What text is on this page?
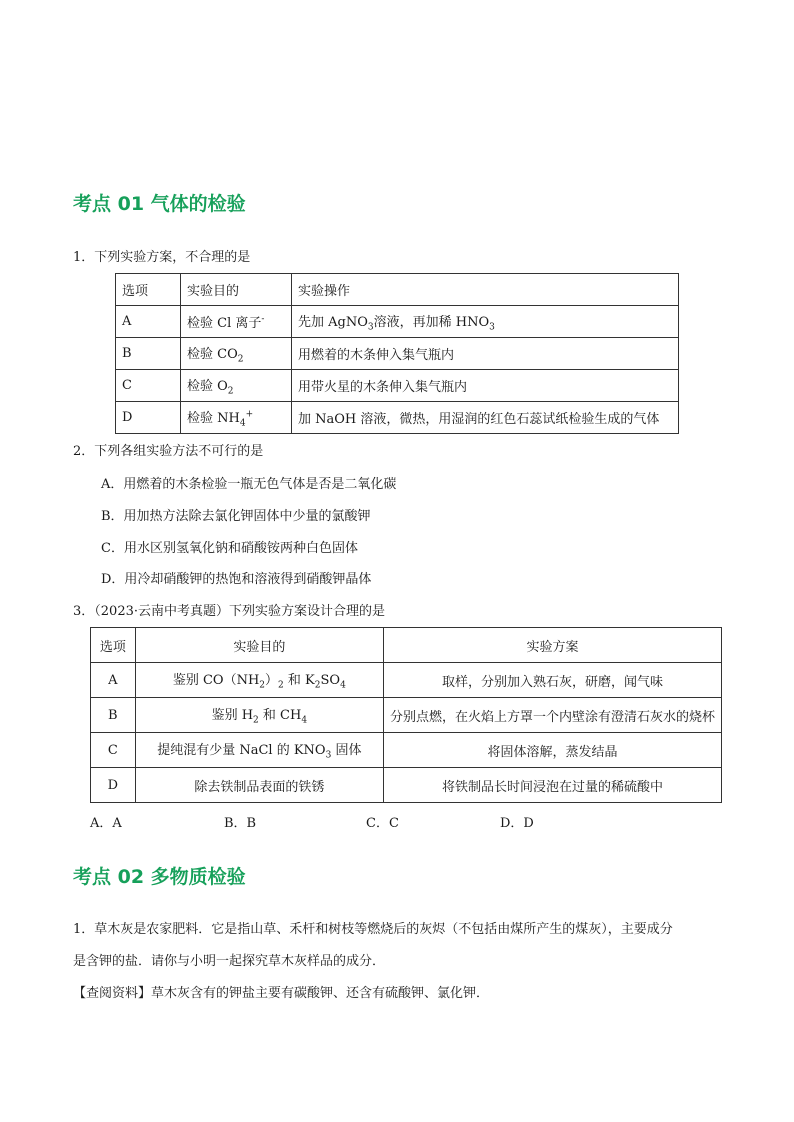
考点 01 气体的检验
1．下列实验方案，不合理的是
选项	实验目的	实验操作
A	检验 Cl 离子-	先加 AgNO$_3$溶液，再加稀 $HNO_3$
B	检验 $CO_2$	用燃着的木条伸入集气瓶内
C	检验 $O_2$	用带火星的木条伸入集气瓶内
D	检验 $NH_4^+$	加 NaOH 溶液，微热，用湿润的红色石蕊试纸检验生成的气体
2．下列各组实验方法不可行的是
A．用燃着的木条检验一瓶无色气体是否是二氧化碳
B．用加热方法除去氯化钾固体中少量的氯酸钾
C．用水区别氢氧化钠和硝酸铵两种白色固体
D．用冷却硝酸钾的热饱和溶液得到硝酸钾晶体
3．（2023·云南中考真题）下列实验方案设计合理的是
选项	实验目的	实验方案
A	鉴别 $CO(NH_2)_2$ 和 $K_2SO_4$	取样，分别加入熟石灰，研磨，闻气味
B	鉴别 $H_2$ 和 $CH_4$	分别点燃，在火焰上方罩一个内壁涂有澄清石灰水的烧杯
C	提纯混有少量 NaCl 的 $KNO_3$ 固体	将固体溶解，蒸发结晶
D	除去铁制品表面的铁锈	将铁制品长时间浸泡在过量的稀硫酸中
A．A	B．B	C．C	D．D
考点 02 多物质检验
1．草木灰是农家肥料．它是指山草、禾杆和树枝等燃烧后的灰烬（不包括由煤所产生的煤灰），主要成分
是含钾的盐．请你与小明一起探究草木灰样品的成分．
【查阅资料】草木灰含有的钾盐主要有碳酸钾、还含有硫酸钾、氯化钾．
